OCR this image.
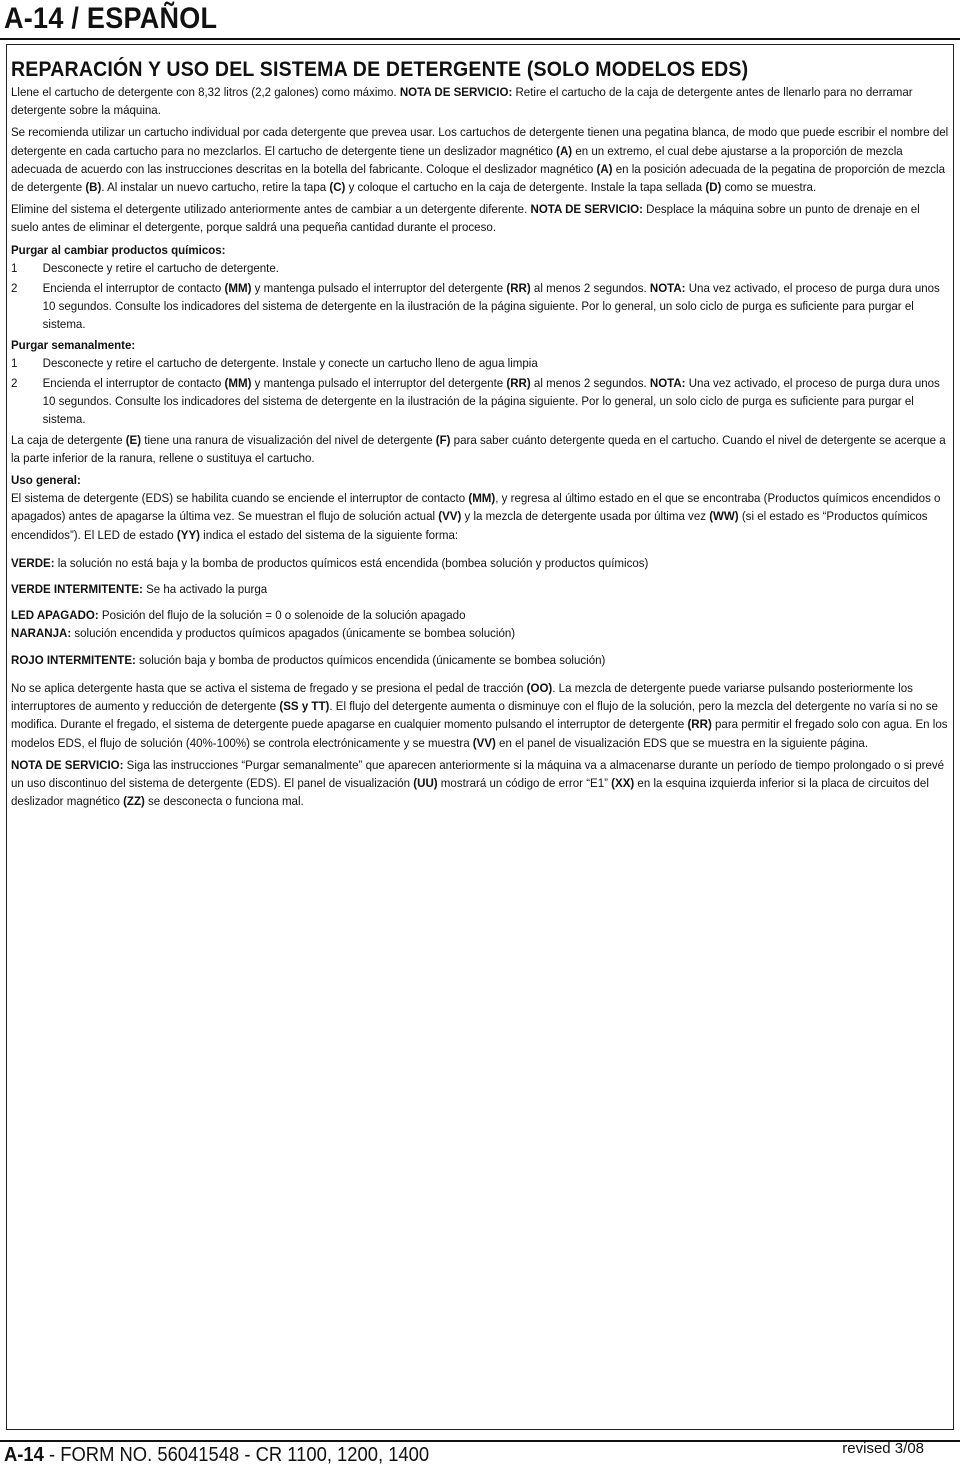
A-14 / ESPAÑOL
REPARACIÓN Y USO DEL SISTEMA DE DETERGENTE (SOLO MODELOS EDS)

Llene el cartucho de detergente con 8,32 litros (2,2 galones) como máximo. NOTA DE SERVICIO: Retire el cartucho de la caja de detergente antes de llenarlo para no derramar detergente sobre la máquina.

Se recomienda utilizar un cartucho individual por cada detergente que prevea usar. Los cartuchos de detergente tienen una pegatina blanca, de modo que puede escribir el nombre del detergente en cada cartucho para no mezclarlos. El cartucho de detergente tiene un deslizador magnético (A) en un extremo, el cual debe ajustarse a la proporción de mezcla adecuada de acuerdo con las instrucciones descritas en la botella del fabricante. Coloque el deslizador magnético (A) en la posición adecuada de la pegatina de proporción de mezcla de detergente (B). Al instalar un nuevo cartucho, retire la tapa (C) y coloque el cartucho en la caja de detergente. Instale la tapa sellada (D) como se muestra.

Elimine del sistema el detergente utilizado anteriormente antes de cambiar a un detergente diferente. NOTA DE SERVICIO: Desplace la máquina sobre un punto de drenaje en el suelo antes de eliminar el detergente, porque saldrá una pequeña cantidad durante el proceso.

Purgar al cambiar productos químicos:
1	Desconecte y retire el cartucho de detergente.
2	Encienda el interruptor de contacto (MM) y mantenga pulsado el interruptor del detergente (RR) al menos 2 segundos. NOTA: Una vez activado, el proceso de purga dura unos 10 segundos. Consulte los indicadores del sistema de detergente en la ilustración de la página siguiente. Por lo general, un solo ciclo de purga es suficiente para purgar el sistema.
Purgar semanalmente:
1	Desconecte y retire el cartucho de detergente. Instale y conecte un cartucho lleno de agua limpia
2	Encienda el interruptor de contacto (MM) y mantenga pulsado el interruptor del detergente (RR) al menos 2 segundos. NOTA: Una vez activado, el proceso de purga dura unos 10 segundos. Consulte los indicadores del sistema de detergente en la ilustración de la página siguiente. Por lo general, un solo ciclo de purga es suficiente para purgar el sistema.

La caja de detergente (E) tiene una ranura de visualización del nivel de detergente (F) para saber cuánto detergente queda en el cartucho. Cuando el nivel de detergente se acerque a la parte inferior de la ranura, rellene o sustituya el cartucho.

Uso general:

El sistema de detergente (EDS) se habilita cuando se enciende el interruptor de contacto (MM), y regresa al último estado en el que se encontraba (Productos químicos encendidos o apagados) antes de apagarse la última vez. Se muestran el flujo de solución actual (VV) y la mezcla de detergente usada por última vez (WW) (si el estado es “Productos químicos encendidos”). El LED de estado (YY) indica el estado del sistema de la siguiente forma:

VERDE: la solución no está baja y la bomba de productos químicos está encendida (bombea solución y productos químicos)

VERDE INTERMITENTE: Se ha activado la purga

LED APAGADO: Posición del flujo de la solución = 0 o solenoide de la solución apagado

NARANJA: solución encendida y productos químicos apagados (únicamente se bombea solución)

ROJO INTERMITENTE: solución baja y bomba de productos químicos encendida (únicamente se bombea solución)

No se aplica detergente hasta que se activa el sistema de fregado y se presiona el pedal de tracción (OO). La mezcla de detergente puede variarse pulsando posteriormente los interruptores de aumento y reducción de detergente (SS y TT). El flujo del detergente aumenta o disminuye con el flujo de la solución, pero la mezcla del detergente no varía si no se modifica. Durante el fregado, el sistema de detergente puede apagarse en cualquier momento pulsando el interruptor de detergente (RR) para permitir el fregado solo con agua. En los modelos EDS, el flujo de solución (40%-100%) se controla electrónicamente y se muestra (VV) en el panel de visualización EDS que se muestra en la siguiente página.

NOTA DE SERVICIO: Siga las instrucciones “Purgar semanalmente” que aparecen anteriormente si la máquina va a almacenarse durante un período de tiempo prolongado o si prevé un uso discontinuo del sistema de detergente (EDS). El panel de visualización (UU) mostrará un código de error “E1” (XX) en la esquina izquierda inferior si la placa de circuitos del deslizador magnético (ZZ) se desconecta o funciona mal.

A-14 - FORM NO. 56041548 - CR 1100, 1200, 1400	revised 3/08
